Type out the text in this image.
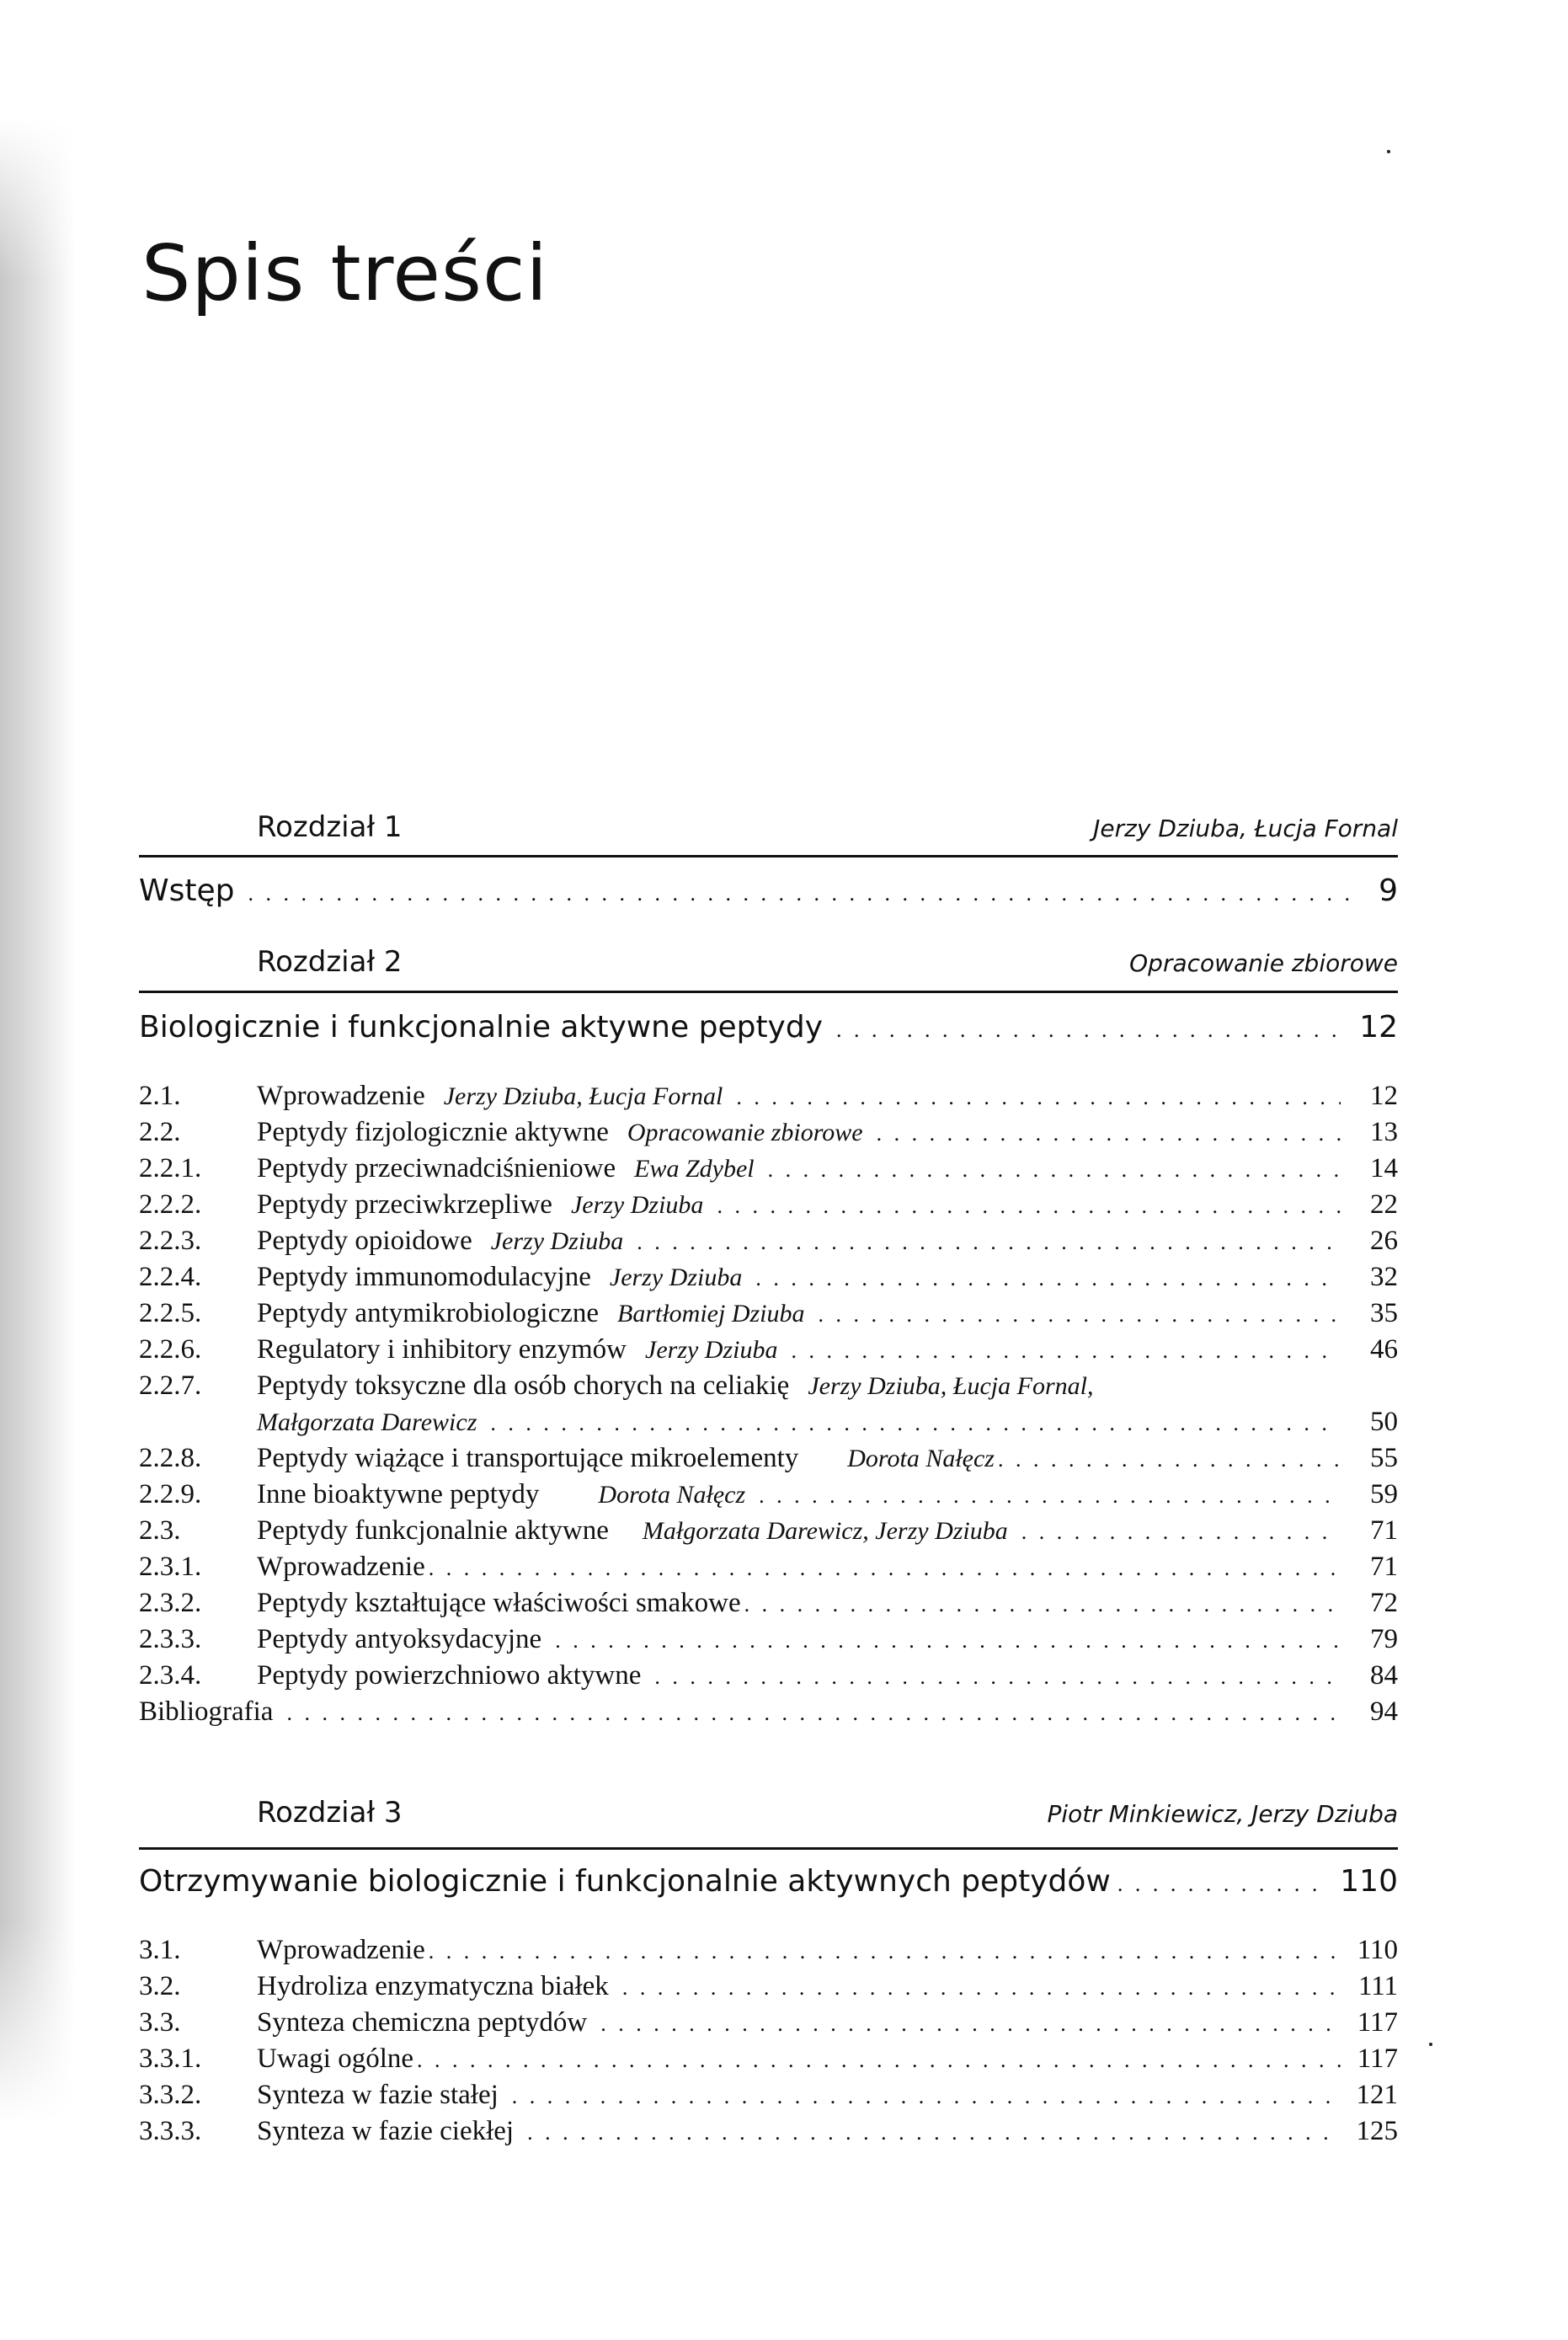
Spis treści
Rozdział 1	Jerzy Dziuba, Łucja Fornal
Wstęp . . .	9
Rozdział 2	Opracowanie zbiorowe
Biologicznie i funkcjonalnie aktywne peptydy . . .	12
2.1.	Wprowadzenie Jerzy Dziuba, Łucja Fornal . . .	12
2.2.	Peptydy fizjologicznie aktywne Opracowanie zbiorowe . . .	13
2.2.1.	Peptydy przeciwnadciśnieniowe Ewa Zdybel . . .	14
2.2.2.	Peptydy przeciwkrzepliwe Jerzy Dziuba . . .	22
2.2.3.	Peptydy opioidowe Jerzy Dziuba . . .	26
2.2.4.	Peptydy immunomodulacyjne Jerzy Dziuba . . .	32
2.2.5.	Peptydy antymikrobiologiczne Bartłomiej Dziuba . . .	35
2.2.6.	Regulatory i inhibitory enzymów Jerzy Dziuba . . .	46
2.2.7.	Peptydy toksyczne dla osób chorych na celiakię Jerzy Dziuba, Łucja Fornal,
Małgorzata Darewicz . . .	50
2.2.8.	Peptydy wiążące i transportujące mikroelementy Dorota Nałęcz . . .	55
2.2.9.	Inne bioaktywne peptydy Dorota Nałęcz . . .	59
2.3.	Peptydy funkcjonalnie aktywne Małgorzata Darewicz, Jerzy Dziuba . . .	71
2.3.1.	Wprowadzenie . . .	71
2.3.2.	Peptydy kształtujące właściwości smakowe . . .	72
2.3.3.	Peptydy antyoksydacyjne . . .	79
2.3.4.	Peptydy powierzchniowo aktywne . . .	84
Bibliografia . . .	94
Rozdział 3	Piotr Minkiewicz, Jerzy Dziuba
Otrzymywanie biologicznie i funkcjonalnie aktywnych peptydów . . .	110
3.1.	Wprowadzenie . . .	110
3.2.	Hydroliza enzymatyczna białek . . .	111
3.3.	Synteza chemiczna peptydów . . .	117
3.3.1.	Uwagi ogólne . . .	117
3.3.2.	Synteza w fazie stałej . . .	121
3.3.3.	Synteza w fazie ciekłej . . .	125
